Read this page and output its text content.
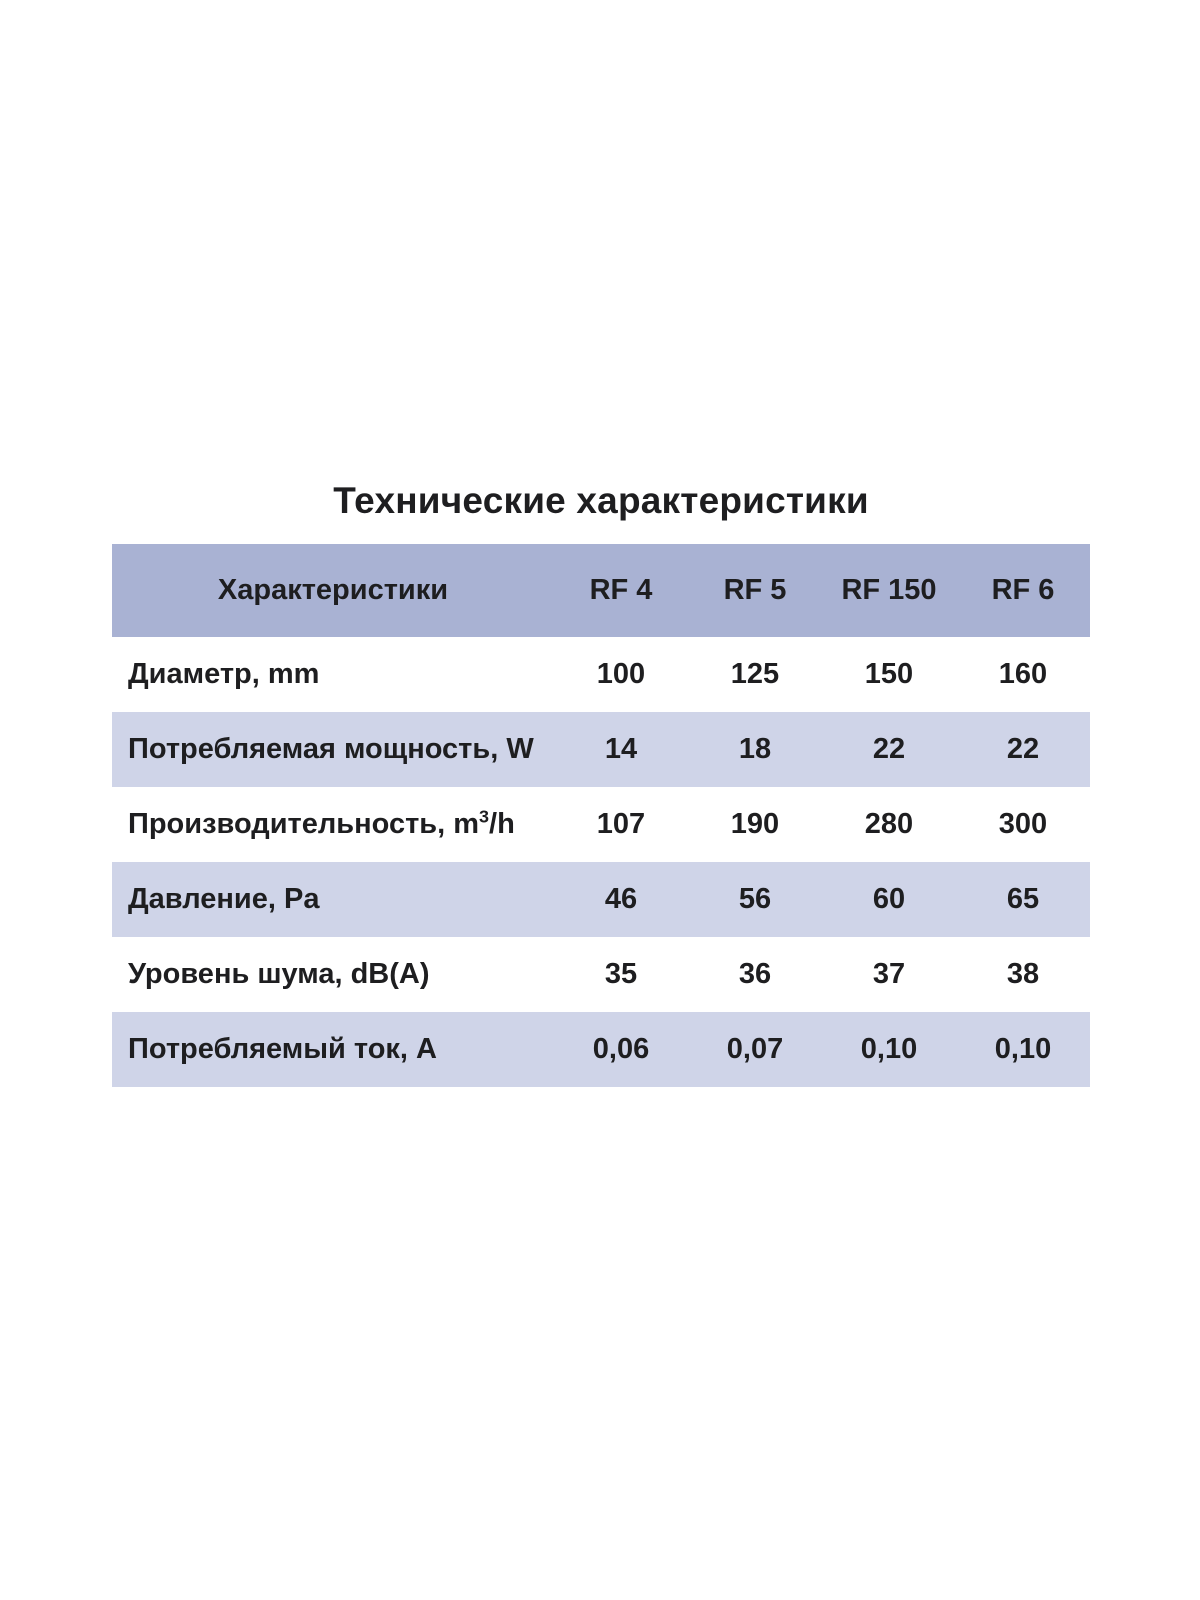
Технические характеристики
Характеристики	RF 4	RF 5	RF 150	RF 6
Диаметр, mm	100	125	150	160
Потребляемая мощность, W	14	18	22	22
Производительность, $m^3/h$	107	190	280	300
Давление, Pa	46	56	60	65
Уровень шума, dB(A)	35	36	37	38
Потребляемый ток, A	0,06	0,07	0,10	0,10
